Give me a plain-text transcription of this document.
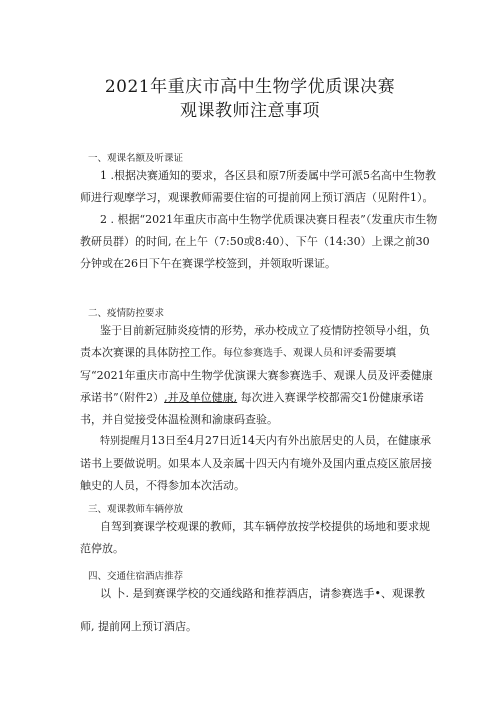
2021年重庆市高中生物学优质课决赛
观课教师注意事项
一、观课名额及听课证

1 .根据决赛通知的要求，各区县和原7所委属中学可派5名高中生物教师进行观摩学习，观课教师需要住宿的可提前网上预订酒店（见附件1）。

2 . 根据“2021年重庆市高中生物学优质课决赛日程表”（发重庆市生物教研员群）的时间, 在上午（7:50或8:40）、下午（14:30）上课之前30分钟或在26日下午在赛课学校签到，并领取听课证。

二、疫情防控要求

鉴于目前新冠肺炎疫情的形势，承办校成立了疫情防控领导小组，负责本次赛课的具体防控工作。每位参赛选手、观课人员和评委需要填写“2021年重庆市高中生物学优演课大赛参赛选手、观课人员及评委健康承诺书”（附件2）,并及单位健康, 每次进入赛课学校都需交1份健康承诺书，并自觉接受体温检测和渝康码查验。

特别提醒月13日至4月27日近14天内有外出旅居史的人员，在健康承诺书上要做说明。如果本人及亲属十四天内有境外及国内重点疫区旅居接触史的人员，不得参加本次活动。

三、观课教师车辆停放

自驾到赛课学校观课的教师，其车辆停放按学校提供的场地和要求规范停放。

四、交通住宿酒店推荐

以 卜. 是到赛课学校的交通线路和推荐酒店，请参赛选手•、观课教

师, 提前网上预订酒店。
